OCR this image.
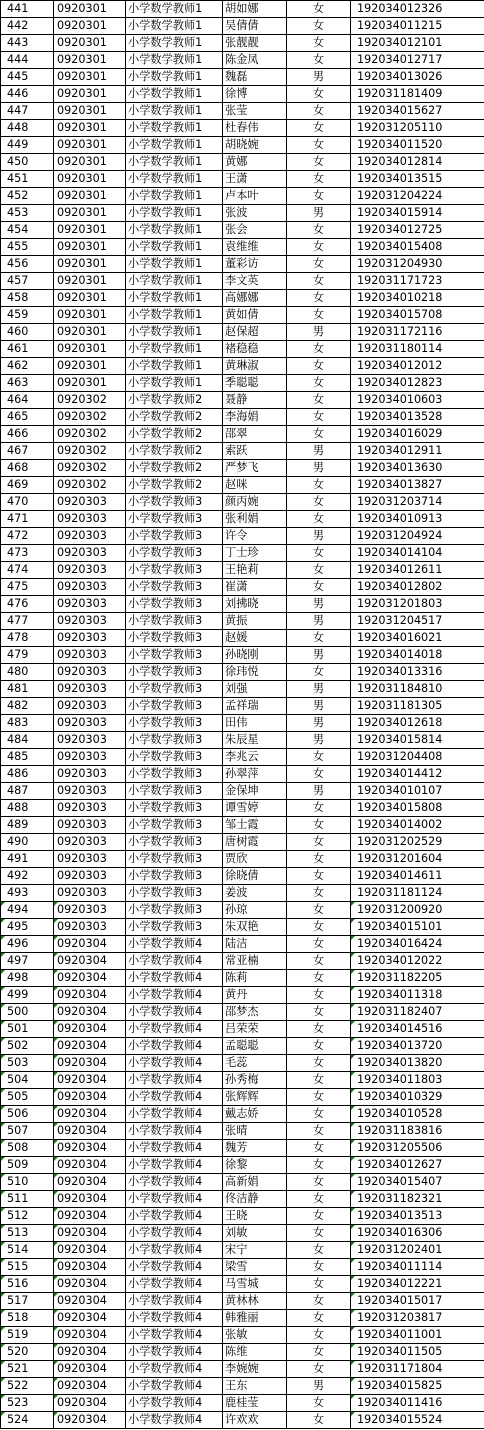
441	0920301	小学数学教师1	胡如娜	女	192034012326
442	0920301	小学数学教师1	吴倩倩	女	192034011215
443	0920301	小学数学教师1	张靓靓	女	192034012101
444	0920301	小学数学教师1	陈金凤	女	192034012717
445	0920301	小学数学教师1	魏磊	男	192034013026
446	0920301	小学数学教师1	徐博	女	192031181409
447	0920301	小学数学教师1	张莹	女	192034015627
448	0920301	小学数学教师1	杜春伟	女	192031205110
449	0920301	小学数学教师1	胡晓婉	女	192034011520
450	0920301	小学数学教师1	黄娜	女	192034012814
451	0920301	小学数学教师1	王潇	女	192034013515
452	0920301	小学数学教师1	卢本叶	女	192031204224
453	0920301	小学数学教师1	张波	男	192034015914
454	0920301	小学数学教师1	张会	女	192034012725
455	0920301	小学数学教师1	袁维维	女	192034015408
456	0920301	小学数学教师1	董彩访	女	192031204930
457	0920301	小学数学教师1	李文英	女	192031171723
458	0920301	小学数学教师1	高娜娜	女	192034010218
459	0920301	小学数学教师1	黄如倩	女	192034015708
460	0920301	小学数学教师1	赵保超	男	192031172116
461	0920301	小学数学教师1	褚稳稳	女	192031180114
462	0920301	小学数学教师1	黄琳淑	女	192034012012
463	0920301	小学数学教师1	季聪聪	女	192034012823
464	0920302	小学数学教师2	聂静	女	192034010603
465	0920302	小学数学教师2	李海娟	女	192034013528
466	0920302	小学数学教师2	邵翠	女	192034016029
467	0920302	小学数学教师2	索跃	男	192034012911
468	0920302	小学数学教师2	严梦飞	男	192034013630
469	0920302	小学数学教师2	赵咪	女	192034013827
470	0920303	小学数学教师3	颜丙婉	女	192031203714
471	0920303	小学数学教师3	张利娟	女	192034010913
472	0920303	小学数学教师3	许令	男	192031204924
473	0920303	小学数学教师3	丁士珍	女	192034014104
474	0920303	小学数学教师3	王艳莉	女	192034012611
475	0920303	小学数学教师3	崔潇	女	192034012802
476	0920303	小学数学教师3	刘拂晓	男	192031201803
477	0920303	小学数学教师3	黄振	男	192031204517
478	0920303	小学数学教师3	赵媛	女	192034016021
479	0920303	小学数学教师3	孙晓刚	男	192034014018
480	0920303	小学数学教师3	徐玮悦	女	192034013316
481	0920303	小学数学教师3	刘强	男	192031184810
482	0920303	小学数学教师3	孟祥瑞	男	192031181305
483	0920303	小学数学教师3	田伟	男	192034012618
484	0920303	小学数学教师3	朱辰星	男	192034015814
485	0920303	小学数学教师3	李兆云	女	192031204408
486	0920303	小学数学教师3	孙翠萍	女	192034014412
487	0920303	小学数学教师3	金保坤	男	192034010107
488	0920303	小学数学教师3	谭雪婷	女	192034015808
489	0920303	小学数学教师3	邹士霞	女	192034014002
490	0920303	小学数学教师3	唐树霞	女	192031202529
491	0920303	小学数学教师3	贾欣	女	192031201604
492	0920303	小学数学教师3	徐晓倩	女	192034014611
493	0920303	小学数学教师3	姜波	女	192031181124
494	0920303	小学数学教师3	孙琼	女	192031200920
495	0920303	小学数学教师3	朱双艳	女	192034015101
496	0920304	小学数学教师4	陆洁	女	192034016424
497	0920304	小学数学教师4	常亚楠	女	192034012022
498	0920304	小学数学教师4	陈莉	女	192031182205
499	0920304	小学数学教师4	黄丹	女	192034011318
500	0920304	小学数学教师4	邵梦杰	女	192031182407
501	0920304	小学数学教师4	吕荣荣	女	192034014516
502	0920304	小学数学教师4	孟聪聪	女	192034013720
503	0920304	小学数学教师4	毛蕊	女	192034013820
504	0920304	小学数学教师4	孙秀梅	女	192034011803
505	0920304	小学数学教师4	张辉辉	女	192034010329
506	0920304	小学数学教师4	戴志娇	女	192034010528
507	0920304	小学数学教师4	张晴	女	192031183816
508	0920304	小学数学教师4	魏芳	女	192031205506
509	0920304	小学数学教师4	徐黎	女	192034012627
510	0920304	小学数学教师4	高新娟	女	192034015407
511	0920304	小学数学教师4	佟洁静	女	192031182321
512	0920304	小学数学教师4	王晓	女	192034013513
513	0920304	小学数学教师4	刘敏	女	192034016306
514	0920304	小学数学教师4	宋宁	女	192031202401
515	0920304	小学数学教师4	梁雪	女	192034011114
516	0920304	小学数学教师4	马雪城	女	192034012221
517	0920304	小学数学教师4	黄林林	女	192034015017
518	0920304	小学数学教师4	韩雅丽	女	192031203817
519	0920304	小学数学教师4	张敏	女	192034011001
520	0920304	小学数学教师4	陈维	女	192034011505
521	0920304	小学数学教师4	李婉婉	女	192031171804
522	0920304	小学数学教师4	王东	男	192034015825
523	0920304	小学数学教师4	鹿桂莹	女	192034011416
524	0920304	小学数学教师4	许欢欢	女	192034015524
